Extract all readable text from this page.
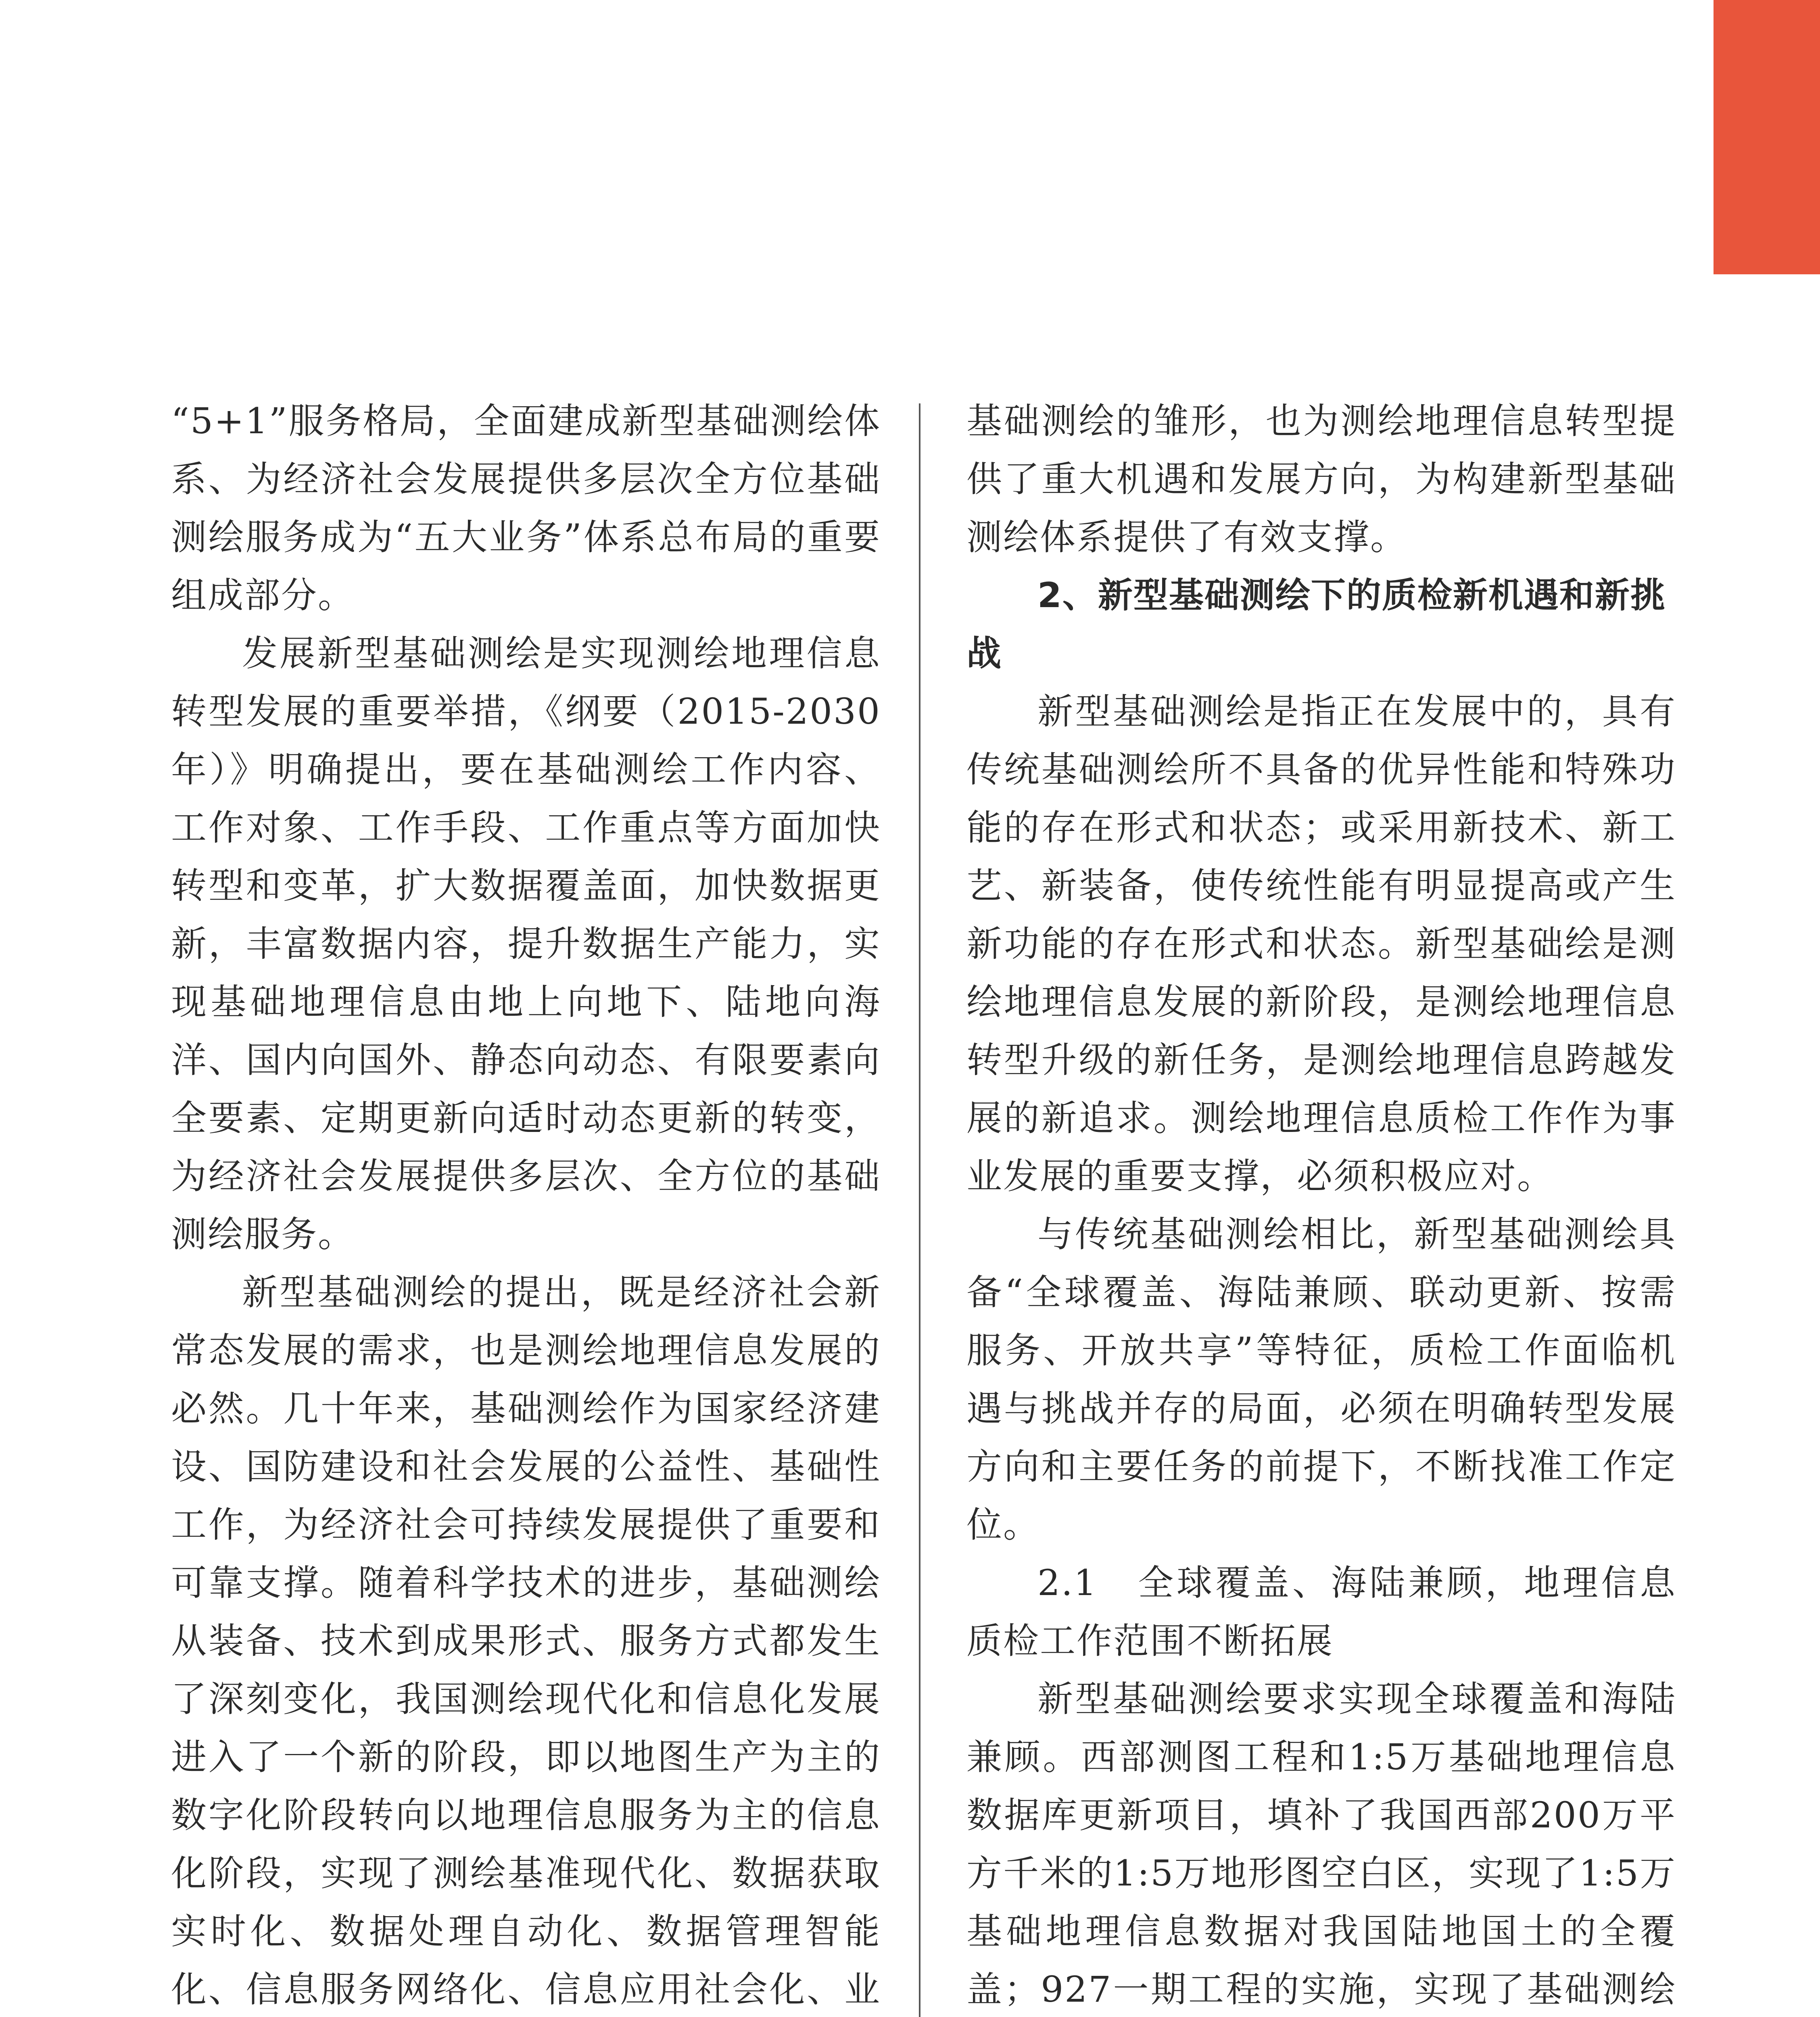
“5+1”服务格局，全面建成新型基础测绘体系、为经济社会发展提供多层次全方位基础测绘服务成为“五大业务”体系总布局的重要组成部分。

发展新型基础测绘是实现测绘地理信息转型发展的重要举措，《纲要（2015-2030年）》明确提出，要在基础测绘工作内容、工作对象、工作手段、工作重点等方面加快转型和变革，扩大数据覆盖面，加快数据更新，丰富数据内容，提升数据生产能力，实现基础地理信息由地上向地下、陆地向海洋、国内向国外、静态向动态、有限要素向全要素、定期更新向适时动态更新的转变，为经济社会发展提供多层次、全方位的基础测绘服务。

新型基础测绘的提出，既是经济社会新常态发展的需求，也是测绘地理信息发展的必然。几十年来，基础测绘作为国家经济建设、国防建设和社会发展的公益性、基础性工作，为经济社会可持续发展提供了重要和可靠支撑。随着科学技术的进步，基础测绘从装备、技术到成果形式、服务方式都发生了深刻变化，我国测绘现代化和信息化发展进入了一个新的阶段，即以地图生产为主的数字化阶段转向以地理信息服务为主的信息化阶段，实现了测绘基准现代化、数据获取实时化、数据处理自动化、数据管理智能化、信息服务网络化、信息应用社会化、业

基础测绘的雏形，也为测绘地理信息转型提供了重大机遇和发展方向，为构建新型基础测绘体系提供了有效支撑。

2、新型基础测绘下的质检新机遇和新挑战

新型基础测绘是指正在发展中的，具有传统基础测绘所不具备的优异性能和特殊功能的存在形式和状态；或采用新技术、新工艺、新装备，使传统性能有明显提高或产生新功能的存在形式和状态。新型基础绘是测绘地理信息发展的新阶段，是测绘地理信息转型升级的新任务，是测绘地理信息跨越发展的新追求。测绘地理信息质检工作作为事业发展的重要支撑，必须积极应对。

与传统基础测绘相比，新型基础测绘具备“全球覆盖、海陆兼顾、联动更新、按需服务、开放共享”等特征，质检工作面临机遇与挑战并存的局面，必须在明确转型发展方向和主要任务的前提下，不断找准工作定位。

2.1　全球覆盖、海陆兼顾，地理信息质检工作范围不断拓展

新型基础测绘要求实现全球覆盖和海陆兼顾。西部测图工程和1:5万基础地理信息数据库更新项目，填补了我国西部200万平方千米的1:5万地形图空白区，实现了1:5万基础地理信息数据对我国陆地国土的全覆盖；927一期工程的实施，实现了基础测绘
